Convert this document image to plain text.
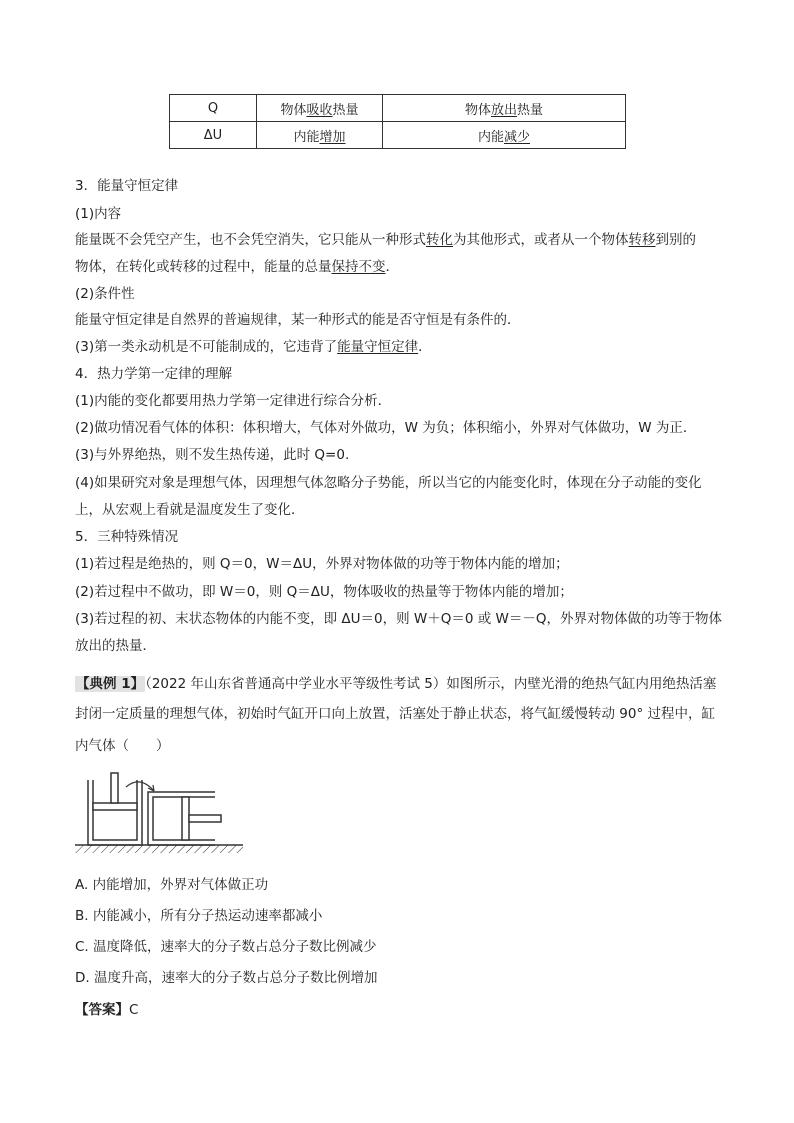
Q	物体吸收热量	物体放出热量
ΔU	内能增加	内能减少
3．能量守恒定律
(1)内容
能量既不会凭空产生，也不会凭空消失，它只能从一种形式转化为其他形式，或者从一个物体转移到别的
物体，在转化或转移的过程中，能量的总量保持不变．
(2)条件性
能量守恒定律是自然界的普遍规律，某一种形式的能是否守恒是有条件的．
(3)第一类永动机是不可能制成的，它违背了能量守恒定律．
4．热力学第一定律的理解
(1)内能的变化都要用热力学第一定律进行综合分析．
(2)做功情况看气体的体积：体积增大，气体对外做功，W 为负；体积缩小，外界对气体做功，W 为正．
(3)与外界绝热，则不发生热传递，此时 Q=0.
(4)如果研究对象是理想气体，因理想气体忽略分子势能，所以当它的内能变化时，体现在分子动能的变化
上，从宏观上看就是温度发生了变化．
5．三种特殊情况
(1)若过程是绝热的，则 Q＝0，W＝ΔU，外界对物体做的功等于物体内能的增加；
(2)若过程中不做功，即 W＝0，则 Q＝ΔU，物体吸收的热量等于物体内能的增加；
(3)若过程的初、末状态物体的内能不变，即 ΔU＝0，则 W＋Q＝0 或 W＝－Q，外界对物体做的功等于物体
放出的热量．
【典例 1】（2022 年山东省普通高中学业水平等级性考试 5）如图所示，内壁光滑的绝热气缸内用绝热活塞
封闭一定质量的理想气体，初始时气缸开口向上放置，活塞处于静止状态，将气缸缓慢转动 90° 过程中，缸
内气体（　　）
A. 内能增加，外界对气体做正功
B. 内能减小，所有分子热运动速率都减小
C. 温度降低，速率大的分子数占总分子数比例减少
D. 温度升高，速率大的分子数占总分子数比例增加
【答案】C
